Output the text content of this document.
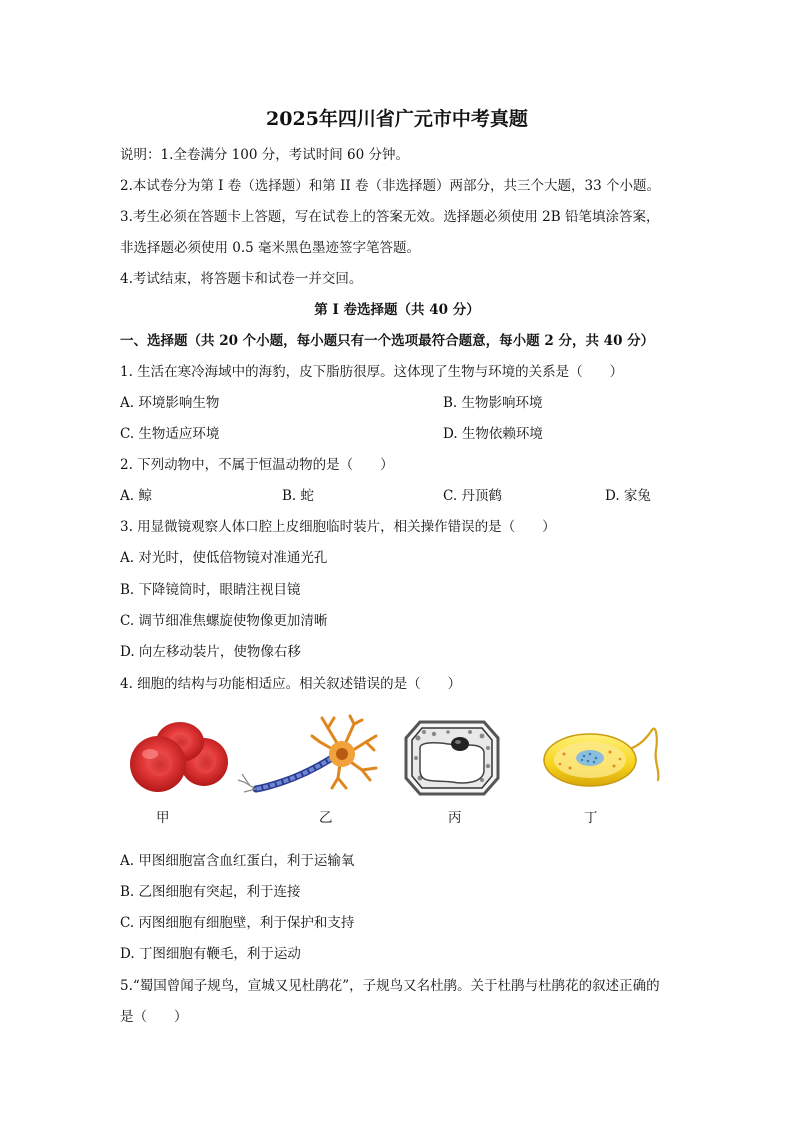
2025年四川省广元市中考真题
说明：1.全卷满分 100 分，考试时间 60 分钟。
2.本试卷分为第 I 卷（选择题）和第 II 卷（非选择题）两部分，共三个大题，33 个小题。
3.考生必须在答题卡上答题，写在试卷上的答案无效。选择题必须使用 2B 铅笔填涂答案，
非选择题必须使用 0.5 毫米黑色墨迹签字笔答题。
4.考试结束，将答题卡和试卷一并交回。
第 I 卷选择题（共 40 分）
一、选择题（共 20 个小题，每小题只有一个选项最符合题意，每小题 2 分，共 40 分）
1. 生活在寒冷海域中的海豹，皮下脂肪很厚。这体现了生物与环境的关系是（　　）
A. 环境影响生物	B. 生物影响环境
C. 生物适应环境	D. 生物依赖环境
2. 下列动物中，不属于恒温动物的是（　　）
A. 鲸	B. 蛇	C. 丹顶鹤	D. 家兔
3. 用显微镜观察人体口腔上皮细胞临时装片，相关操作错误的是（　　）
A. 对光时，使低倍物镜对准通光孔
B. 下降镜筒时，眼睛注视目镜
C. 调节细准焦螺旋使物像更加清晰
D. 向左移动装片，使物像右移
4. 细胞的结构与功能相适应。相关叙述错误的是（　　）
甲	乙	丙	丁
A. 甲图细胞富含血红蛋白，利于运输氧
B. 乙图细胞有突起，利于连接
C. 丙图细胞有细胞壁，利于保护和支持
D. 丁图细胞有鞭毛，利于运动
5.“蜀国曾闻子规鸟，宣城又见杜鹃花”，子规鸟又名杜鹃。关于杜鹃与杜鹃花的叙述正确的
是（　　）
